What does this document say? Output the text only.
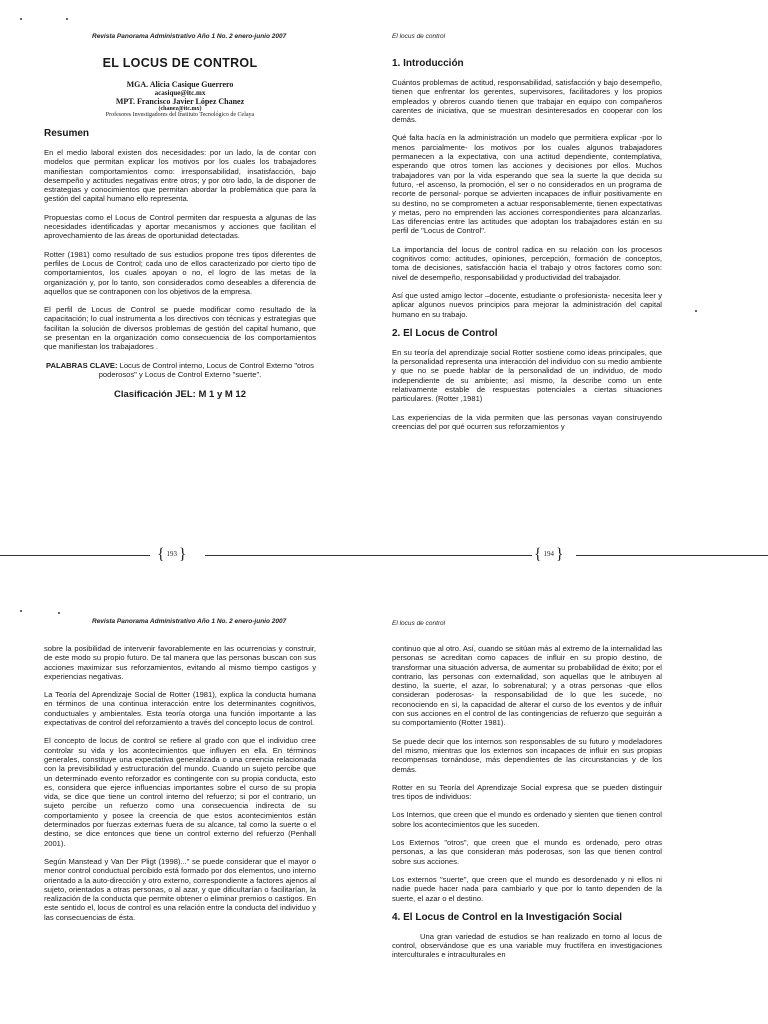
Revista Panorama Administrativo Año 1 No. 2 enero-junio 2007
EL LOCUS DE CONTROL
MGA. Alicia Casique Guerrero
acasique@itc.mx
MPT. Francisco Javier López Chanez
(chanez@itc.mx)
Profesores Investigadores del Instituto Tecnológico de Celaya
Resumen

En el medio laboral existen dos necesidades: por un lado, la de contar con modelos que permitan explicar los motivos por los cuales los trabajadores manifiestan comportamientos como: irresponsabilidad, insatisfacción, bajo desempeño y actitudes negativas entre otros; y por otro lado, la de disponer de estrategias y conocimientos que permitan abordar la problemática que para la gestión del capital humano ello representa.

Propuestas como el Locus de Control permiten dar respuesta a algunas de las necesidades identificadas y aportar mecanismos y acciones que facilitan el aprovechamiento de las áreas de oportunidad detectadas.

Rotter (1981) como resultado de sus estudios propone tres tipos diferentes de perfiles de Locus de Control; cada uno de ellos caracterizado por cierto tipo de comportamientos, los cuales apoyan o no, el logro de las metas de la organización y, por lo tanto, son considerados como deseables a diferencia de aquellos que se contraponen con los objetivos de la empresa.

El perfil de Locus de Control se puede modificar como resultado de la capacitación; lo cual instrumenta a los directivos con técnicas y estrategias que facilitan la solución de diversos problemas de gestión del capital humano, que se presentan en la organización como consecuencia de los comportamientos que manifiestan los trabajadores .

PALABRAS CLAVE: Locus de Control interno, Locus de Control Externo "otros poderosos" y Locus de Control Externo "suerte".
Clasificación JEL: M 1 y M 12
{ 193 }
El locus de control
1. Introducción

Cuántos problemas de actitud, responsabilidad, satisfacción y bajo desempeño, tienen que enfrentar los gerentes, supervisores, facilitadores y los propios empleados y obreros cuando tienen que trabajar en equipo con compañeros carentes de iniciativa, que se muestran desinteresados en cooperar con los demás.

Qué falta hacía en la administración un modelo que permitiera explicar -por lo menos parcialmente- los motivos por los cuales algunos trabajadores permanecen a la expectativa, con una actitud dependiente, contemplativa, esperando que otros tomen las acciones y decisiones por ellos. Muchos trabajadores van por la vida esperando que sea la suerte la que decida su futuro, -el ascenso, la promoción, el ser o no considerados en un programa de recorte de personal- porque se advierten incapaces de influir positivamente en su destino, no se comprometen a actuar responsablemente, tienen expectativas y metas, pero no emprenden las acciones correspondientes para alcanzarlas. Las diferencias entre las actitudes que adoptan los trabajadores están en su perfil de "Locus de Control".

La importancia del locus de control radica en su relación con los procesos cognitivos como: actitudes, opiniones, percepción, formación de conceptos, toma de decisiones, satisfacción hacia el trabajo y otros factores como son: nivel de desempeño, responsabilidad y productividad del trabajador.

Así que usted amigo lector –docente, estudiante o profesionista- necesita leer y aplicar algunos nuevos principios para mejorar la administración del capital humano en su trabajo.

2. El Locus de Control

En su teoría del aprendizaje social Rotter sostiene como ideas principales, que la personalidad representa una interacción del individuo con su medio ambiente y que no se puede hablar de la personalidad de un individuo, de modo independiente de su ambiente; así mismo, la describe como un ente relativamente estable de respuestas potenciales a ciertas situaciones particulares. (Rotter ,1981)

Las experiencias de la vida permiten que las personas vayan construyendo creencias del por qué ocurren sus reforzamientos y

{ 194 }
Revista Panorama Administrativo Año 1 No. 2 enero-junio 2007

sobre la posibilidad de intervenir favorablemente en las ocurrencias y construir, de este modo su propio futuro. De tal manera que las personas buscan con sus acciones maximizar sus reforzamientos, evitando al mismo tiempo castigos y experiencias negativas.

La Teoría del Aprendizaje Social de Rotter (1981), explica la conducta humana en términos de una continua interacción entre los determinantes cognitivos, conductuales y ambientales. Esta teoría otorga una función importante a las expectativas de control del reforzamiento a través del concepto locus de control.

El concepto de locus de control se refiere al grado con que el individuo cree controlar su vida y los acontecimientos que influyen en ella. En términos generales, constituye una expectativa generalizada o una creencia relacionada con la previsibilidad y estructuración del mundo. Cuando un sujeto percibe que un determinado evento reforzador es contingente con su propia conducta, esto es, considera que ejerce influencias importantes sobre el curso de su propia vida, se dice que tiene un control interno del refuerzo; si por el contrario, un sujeto percibe un refuerzo como una consecuencia indirecta de su comportamiento y posee la creencia de que estos acontecimientos están determinados por fuerzas externas fuera de su alcance, tal como la suerte o el destino, se dice entonces que tiene un control externo del refuerzo (Penhall 2001).

Según Manstead y Van Der Pligt (1998)..." se puede considerar que el mayor o menor control conductual percibido está formado por dos elementos, uno interno orientado a la auto-dirección y otro externo, correspondiente a factores ajenos al sujeto, orientados a otras personas, o al azar, y que dificultarían o facilitarían, la realización de la conducta que permite obtener o eliminar premios o castigos. En este sentido el, locus de control es una relación entre la conducta del individuo y las consecuencias de ésta.

El locus de control

continuo que al otro. Así, cuando se sitúan más al extremo de la internalidad las personas se acreditan como capaces de influir en su propio destino, de transformar una situación adversa, de aumentar su probabilidad de éxito; por el contrario, las personas con externalidad, son aquellas que le atribuyen al destino, la suerte, el azar, lo sobrenatural; y a otras personas -que ellos consideran poderosas- la responsabilidad de lo que les sucede, no reconociendo en sí, la capacidad de alterar el curso de los eventos y de influir con sus acciones en el control de las contingencias de refuerzo que seguirán a su comportamiento (Rotter 1981).

Se puede decir que los internos son responsables de su futuro y modeladores del mismo, mientras que los externos son incapaces de influir en sus propias recompensas tornándose, más dependientes de las circunstancias y de los demás.

Rotter en su Teoría del Aprendizaje Social expresa que se pueden distinguir tres tipos de individuos:

Los Internos, que creen que el mundo es ordenado y sienten que tienen control sobre los acontecimientos que les suceden.

Los Externos "otros", que creen que el mundo es ordenado, pero otras personas, a las que consideran más poderosas, son las que tienen control sobre sus acciones.

Los externos "suerte", que creen que el mundo es desordenado y ni ellos ni nadie puede hacer nada para cambiarlo y que por lo tanto dependen de la suerte, el azar o el destino.

4. El Locus de Control en la Investigación Social

Una gran variedad de estudios se han realizado en torno al locus de control, observándose que es una variable muy fructífera en investigaciones interculturales e intraculturales en
